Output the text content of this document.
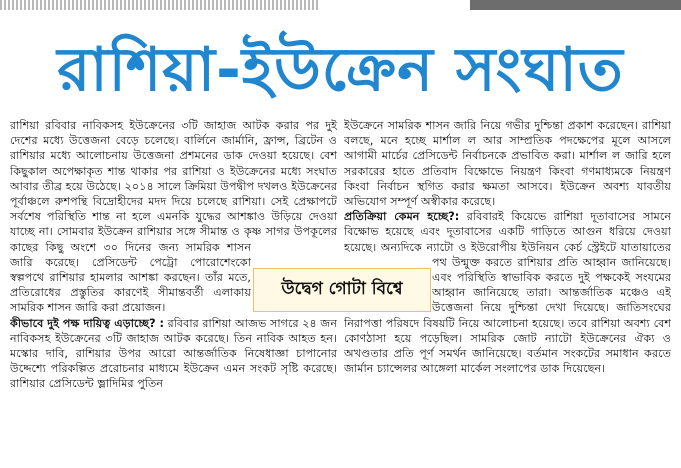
রাশিয়া-ইউক্রেন সংঘাত

রাশিয়া রবিবার নাবিকসহ ইউক্রেনের ৩টি জাহাজ আটক করার পর দুই দেশের মধ্যে উত্তেজনা বেড়ে চলেছে। বার্লিনে জার্মানি, ফ্রান্স, ব্রিটেন ও রাশিয়ার মধ্যে আলোচনায় উত্তেজনা প্রশমনের ডাক দেওয়া হয়েছে। বেশ কিছুকাল অপেক্ষাকৃত শান্ত থাকার পর রাশিয়া ও ইউক্রেনের মধ্যে সংঘাত আবার তীব্র হয়ে উঠেছে। ২০১৪ সালে ক্রিমিয়া উপদ্বীপ দখলও ইউক্রেনের পূর্বাঞ্চলে রুশপন্থি বিদ্রোহীদের মদদ দিয়ে চলেছে রাশিয়া। সেই প্রেক্ষাপটে সর্বশেষ পরিস্থিতি শান্ত না হলে এমনকি যুদ্ধের আশঙ্কাও উড়িয়ে দেওয়া যাচ্ছে না। সোমবার ইউক্রেন রাশিয়ার সঙ্গে সীমান্ত ও কৃষ্ণ সাগর উপকূলের কাছের কিছু অংশে ৩০ দিনের জন্য সামরিক শাসন জারি করেছে। প্রেসিডেন্ট পেট্রো পোরোশেংকো স্বল্পপথে রাশিয়ার হামলার আশঙ্কা করছেন। তাঁর মতে, প্রতিরোধের প্রস্তুতির কারণেই সীমান্তবর্তী এলাকায় সামরিক শাসন জারি করা প্রয়োজন।

কীভাবে দুই পক্ষ দায়িত্ব এড়াচ্ছে? : রবিবার রাশিয়া আজভ সাগরে ২৪ জন নাবিকসহ ইউক্রেনের ৩টি জাহাজ আটক করেছে। তিন নাবিক আহত হন। মস্কোর দাবি, রাশিয়ার উপর আরো আন্তর্জাতিক নিষেধাজ্ঞা চাপানোর উদ্দেশ্যে পরিকল্পিত প্ররোচনার মাধ্যমে ইউক্রেন এমন সংকট সৃষ্টি করেছে। রাশিয়ার প্রেসিডেন্ট ভ্লাদিমির পুতিন

ইউক্রেনে সামরিক শাসন জারি নিয়ে গভীর দুশ্চিন্তা প্রকাশ করেছেন। রাশিয়া বলছে, মনে হচ্ছে মার্শাল ল আর সাম্প্রতিক পদক্ষেপের মূলে আসলে আগামী মার্চের প্রেসিডেন্ট নির্বাচনকে প্রভাবিত করা। মার্শাল ল জারি হলে সরকারের হাতে প্রতিবাদ বিক্ষোভে নিয়ন্ত্রণ কিংবা গণমাধ্যমকে নিয়ন্ত্রণ কিংবা নির্বাচন স্থগিত করার ক্ষমতা আসবে। ইউক্রেন অবশ্য যাবতীয় অভিযোগ সম্পূর্ণ অস্বীকার করেছে।

প্রতিক্রিয়া কেমন হচ্ছে?: রবিবারই কিয়েভে রাশিয়া দূতাবাসের সামনে বিক্ষোভ হয়েছে এবং দূতাবাসের একটি গাড়িতে আগুন ধরিয়ে দেওয়া হয়েছে। অন্যদিকে ন্যাটো ও ইউরোপীয় ইউনিয়ন কের্চ স্ট্রেইটে যাতায়াতের পথ উন্মুক্ত করতে রাশিয়ার প্রতি আহ্বান জানিয়েছে। এবং পরিস্থিতি স্বাভাবিক করতে দুই পক্ষকেই সংযমের আহ্বান জানিয়েছে তারা। আন্তর্জাতিক মঞ্চেও এই উত্তেজনা নিয়ে দুশ্চিন্তা দেখা দিয়েছে। জাতিসংঘের নিরাপত্তা পরিষদে বিষয়টি নিয়ে আলোচনা হয়েছে। তবে রাশিয়া অবশ্য বেশ কোণঠাসা হয়ে পড়েছিল। সামরিক জোট ন্যাটো ইউক্রেনের ঐক্য ও অখণ্ডতার প্রতি পূর্ণ সমর্থন জানিয়েছে। বর্তমান সংকটের সমাধান করতে জার্মান চ্যান্সেলর আঙ্গেলা মার্কেল সংলাপের ডাক দিয়েছেন।

উদ্বেগ গোটা বিশ্বে
